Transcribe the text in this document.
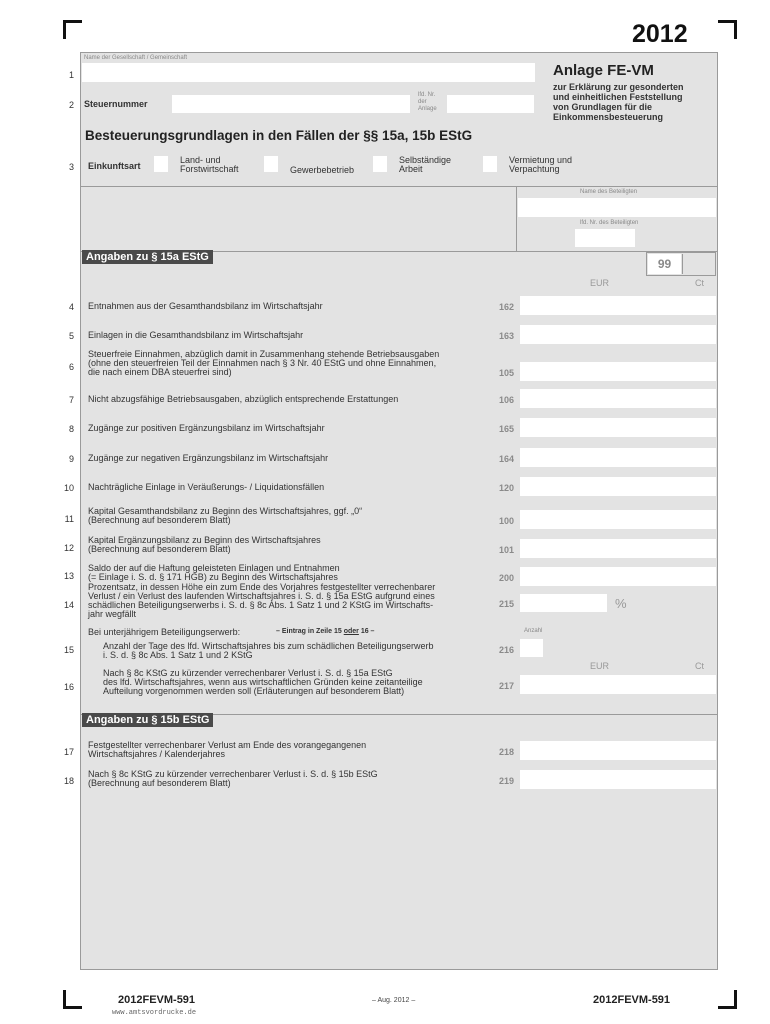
2012
Name der Gesellschaft / Gemeinschaft
1
2 Steuernummer
lfd. Nr.
der
Anlage
Anlage FE-VM
zur Erklärung zur gesonderten
und einheitlichen Feststellung
von Grundlagen für die
Einkommensbesteuerung
Besteuerungsgrundlagen in den Fällen der §§ 15a, 15b EStG
3 Einkunftsart
Land- und
Forstwirtschaft	Gewerbebetrieb
Selbständige
Arbeit
Vermietung und
Verpachtung
Name des Beteiligten
lfd. Nr. des Beteiligten
Angaben zu § 15a EStG	99
EUR	Ct
4 Entnahmen aus der Gesamthandsbilanz im Wirtschaftsjahr	162
5 Einlagen in die Gesamthandsbilanz im Wirtschaftsjahr	163
6
Steuerfreie Einnahmen, abzüglich damit in Zusammenhang stehende Betriebsausgaben
(ohne den steuerfreien Teil der Einnahmen nach § 3 Nr. 40 EStG und ohne Einnahmen,
die nach einem DBA steuerfrei sind)	105
7 Nicht abzugsfähige Betriebsausgaben, abzüglich entsprechende Erstattungen	106
8 Zugänge zur positiven Ergänzungsbilanz im Wirtschaftsjahr	165
9 Zugänge zur negativen Ergänzungsbilanz im Wirtschaftsjahr	164
10 Nachträgliche Einlage in Veräußerungs- / Liquidationsfällen	120
11
Kapital Gesamthandsbilanz zu Beginn des Wirtschaftsjahres, ggf. „0“
(Berechnung auf besonderem Blatt)	100
12
Kapital Ergänzungsbilanz zu Beginn des Wirtschaftsjahres
(Berechnung auf besonderem Blatt)	101
13
Saldo der auf die Haftung geleisteten Einlagen und Entnahmen
(= Einlage i. S. d. § 171 HGB) zu Beginn des Wirtschaftsjahres	200
14
Prozentsatz, in dessen Höhe ein zum Ende des Vorjahres festgestellter verrechenbarer
Verlust / ein Verlust des laufenden Wirtschaftsjahres i. S. d. § 15a EStG aufgrund eines
schädlichen Beteiligungserwerbs i. S. d. § 8c Abs. 1 Satz 1 und 2 KStG im Wirtschafts-
jahr wegfällt
215	%
Bei unterjährigem Beteiligungserwerb:	– Eintrag in Zeile 15 oder 16 –	Anzahl
15	Anzahl der Tage des lfd. Wirtschaftsjahres bis zum schädlichen Beteiligungserwerb
i. S. d. § 8c Abs. 1 Satz 1 und 2 KStG	216
EUR	Ct
16
Nach § 8c KStG zu kürzender verrechenbarer Verlust i. S. d. § 15a EStG
des lfd. Wirtschaftsjahres, wenn aus wirtschaftlichen Gründen keine zeitanteilige
Aufteilung vorgenommen werden soll (Erläuterungen auf besonderem Blatt)	217
Angaben zu § 15b EStG
17
Festgestellter verrechenbarer Verlust am Ende des vorangegangenen
Wirtschaftsjahres / Kalenderjahres	218
18
Nach § 8c KStG zu kürzender verrechenbarer Verlust i. S. d. § 15b EStG
(Berechnung auf besonderem Blatt)	219
2012FEVM-591	– Aug. 2012 –	2012FEVM-591
www.amtsvordrucke.de
